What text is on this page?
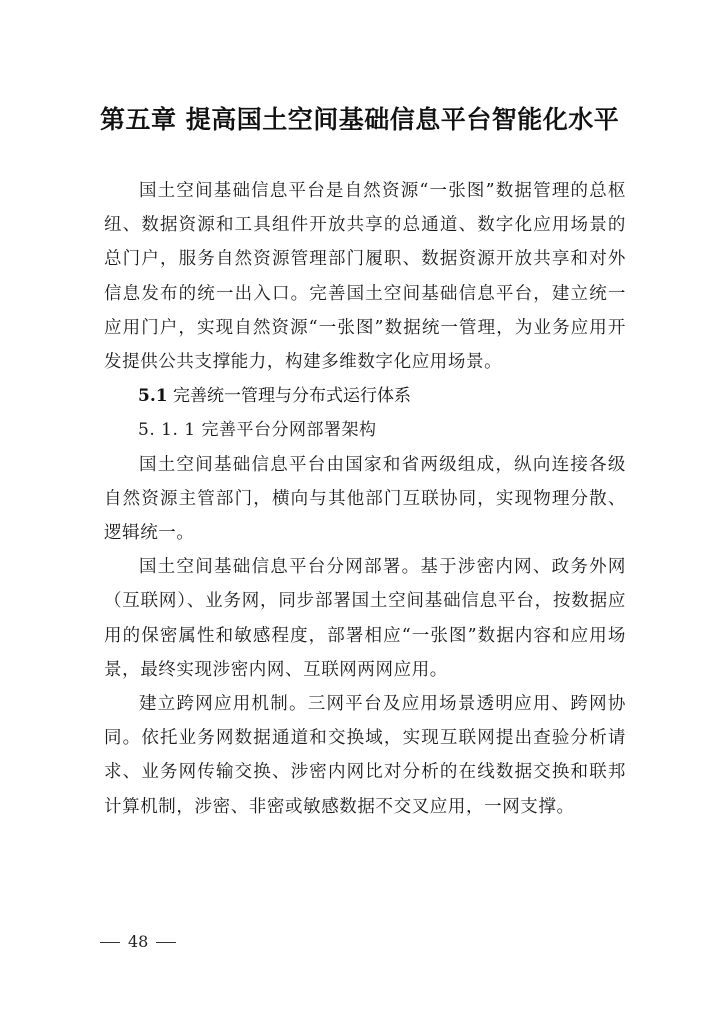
第五章 提高国土空间基础信息平台智能化水平

国土空间基础信息平台是自然资源“一张图”数据管理的总枢纽、数据资源和工具组件开放共享的总通道、数字化应用场景的总门户，服务自然资源管理部门履职、数据资源开放共享和对外信息发布的统一出入口。完善国土空间基础信息平台，建立统一应用门户，实现自然资源“一张图”数据统一管理，为业务应用开发提供公共支撑能力，构建多维数字化应用场景。

5.1 完善统一管理与分布式运行体系

5. 1. 1 完善平台分网部署架构

国土空间基础信息平台由国家和省两级组成，纵向连接各级自然资源主管部门，横向与其他部门互联协同，实现物理分散、逻辑统一。

国土空间基础信息平台分网部署。基于涉密内网、政务外网（互联网）、业务网，同步部署国土空间基础信息平台，按数据应用的保密属性和敏感程度，部署相应“一张图”数据内容和应用场景，最终实现涉密内网、互联网两网应用。

建立跨网应用机制。三网平台及应用场景透明应用、跨网协同。依托业务网数据通道和交换域，实现互联网提出查验分析请求、业务网传输交换、涉密内网比对分析的在线数据交换和联邦计算机制，涉密、非密或敏感数据不交叉应用，一网支撑。

48
